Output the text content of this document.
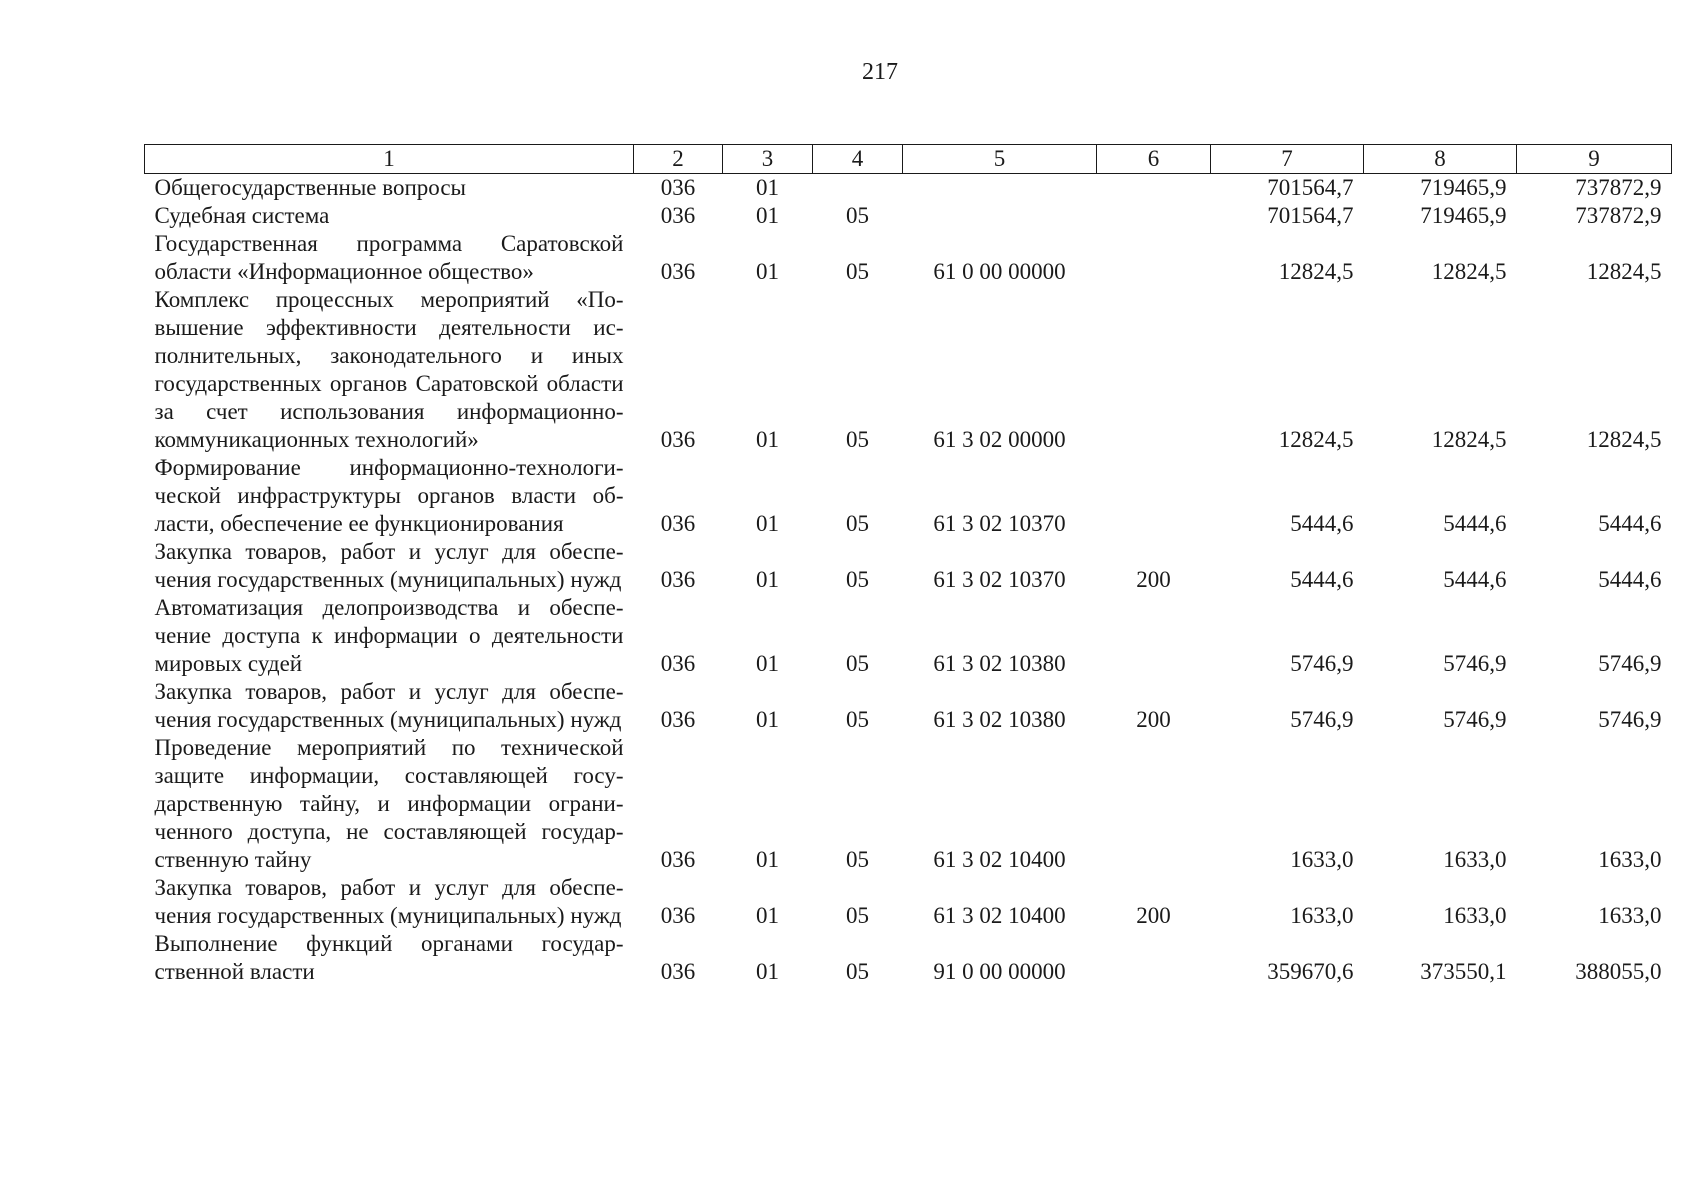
217
1	2	3	4	5	6	7	8	9
Общегосударственные вопросы	036	01				701564,7	719465,9	737872,9
Судебная система	036	01	05			701564,7	719465,9	737872,9
Государственная программа Саратовской области «Информационное общество»	036	01	05	61 0 00 00000		12824,5	12824,5	12824,5
Комплекс процессных мероприятий «Повышение эффективности деятельности исполнительных, законодательного и иных государственных органов Саратовской области за счет использования информационно-коммуникационных технологий»	036	01	05	61 3 02 00000		12824,5	12824,5	12824,5
Формирование информационно-технологической инфраструктуры органов власти области, обеспечение ее функционирования	036	01	05	61 3 02 10370		5444,6	5444,6	5444,6
Закупка товаров, работ и услуг для обеспечения государственных (муниципальных) нужд	036	01	05	61 3 02 10370	200	5444,6	5444,6	5444,6
Автоматизация делопроизводства и обеспечение доступа к информации о деятельности мировых судей	036	01	05	61 3 02 10380		5746,9	5746,9	5746,9
Закупка товаров, работ и услуг для обеспечения государственных (муниципальных) нужд	036	01	05	61 3 02 10380	200	5746,9	5746,9	5746,9
Проведение мероприятий по технической защите информации, составляющей государственную тайну, и информации ограниченного доступа, не составляющей государственную тайну	036	01	05	61 3 02 10400		1633,0	1633,0	1633,0
Закупка товаров, работ и услуг для обеспечения государственных (муниципальных) нужд	036	01	05	61 3 02 10400	200	1633,0	1633,0	1633,0
Выполнение функций органами государственной власти	036	01	05	91 0 00 00000		359670,6	373550,1	388055,0
